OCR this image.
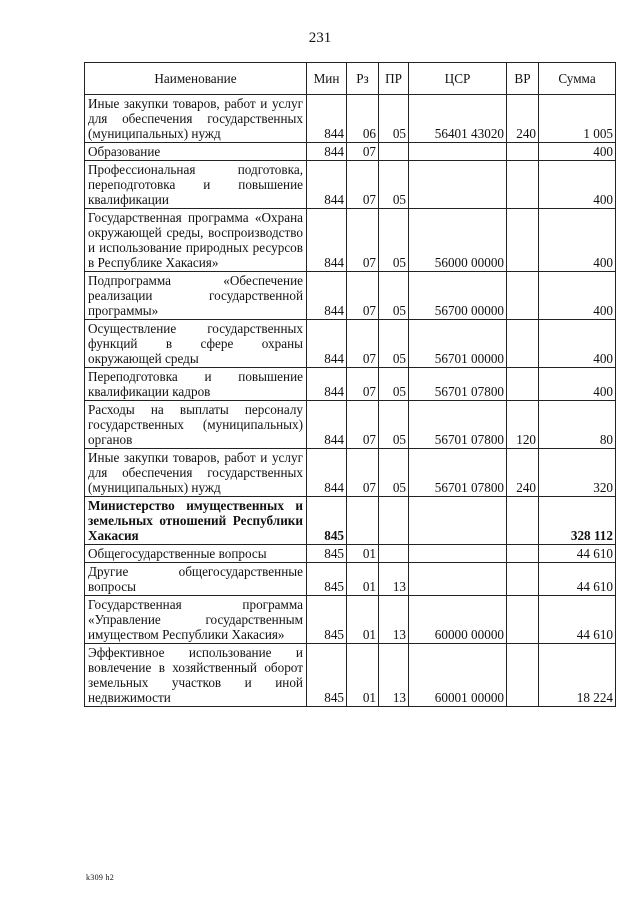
231
Наименование	Мин	Рз	ПР	ЦСР	ВР	Сумма
Иные закупки товаров, работ и услуг для обеспечения государственных (муниципальных) нужд	844	06	05	56401 43020	240	1 005
Образование	844	07				400
Профессиональная подготовка, переподготовка и повышение квалификации	844	07	05			400
Государственная программа «Охрана окружающей среды, воспроизводство и использование природных ресурсов в Республике Хакасия»	844	07	05	56000 00000		400
Подпрограмма «Обеспечение реализации государственной программы»	844	07	05	56700 00000		400
Осуществление государственных функций в сфере охраны окружающей среды	844	07	05	56701 00000		400
Переподготовка и повышение квалификации кадров	844	07	05	56701 07800		400
Расходы на выплаты персоналу государственных (муниципальных) органов	844	07	05	56701 07800	120	80
Иные закупки товаров, работ и услуг для обеспечения государственных (муниципальных) нужд	844	07	05	56701 07800	240	320
Министерство имущественных и земельных отношений Республики Хакасия	845					328 112
Общегосударственные вопросы	845	01				44 610
Другие общегосударственные вопросы	845	01	13			44 610
Государственная программа «Управление государственным имуществом Республики Хакасия»	845	01	13	60000 00000		44 610
Эффективное использование и вовлечение в хозяйственный оборот земельных участков и иной недвижимости	845	01	13	60001 00000		18 224
k309 h2
